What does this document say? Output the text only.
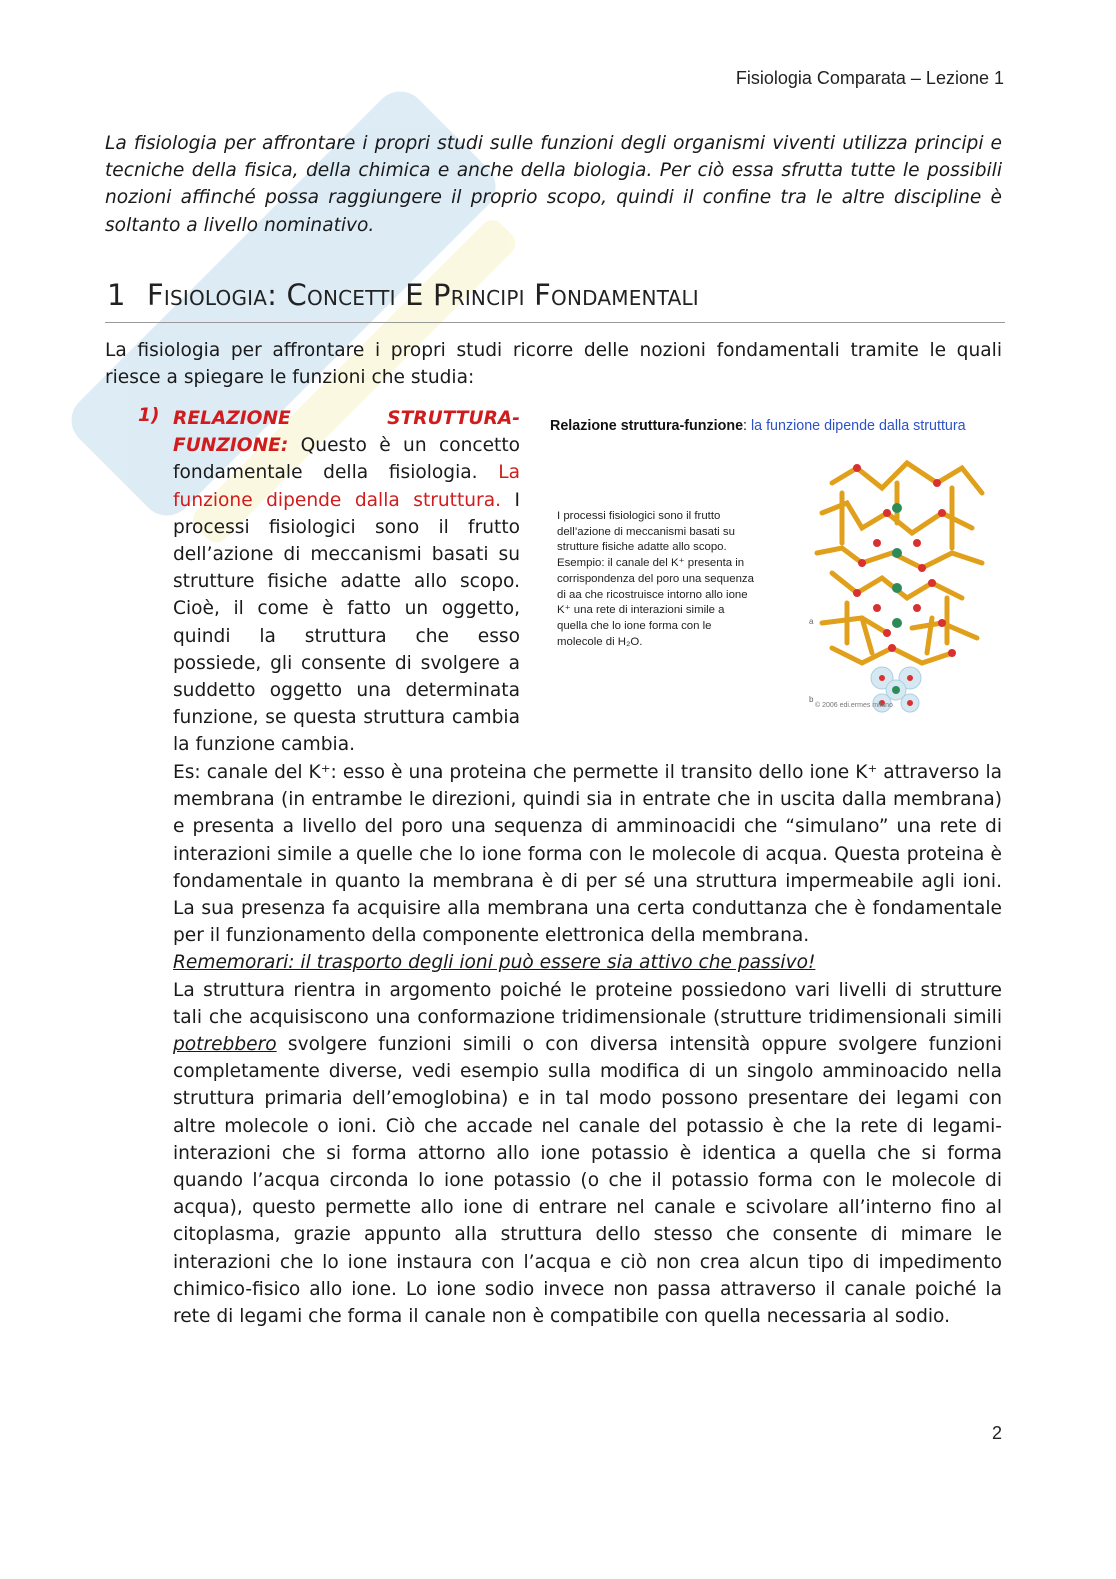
Fisiologia Comparata – Lezione 1
La fisiologia per affrontare i propri studi sulle funzioni degli organismi viventi utilizza principi e tecniche della fisica, della chimica e anche della biologia. Per ciò essa sfrutta tutte le possibili nozioni affinché possa raggiungere il proprio scopo, quindi il confine tra le altre discipline è soltanto a livello nominativo.
1 Fisiologia: Concetti E Principi Fondamentali
La fisiologia per affrontare i propri studi ricorre delle nozioni fondamentali tramite le quali riesce a spiegare le funzioni che studia:
1) RELAZIONE STRUTTURA-FUNZIONE: Questo è un concetto fondamentale della fisiologia. La funzione dipende dalla struttura. I processi fisiologici sono il frutto dell’azione di meccanismi basati su strutture fisiche adatte allo scopo. Cioè, il come è fatto un oggetto, quindi la struttura che esso possiede, gli consente di svolgere a suddetto oggetto una determinata funzione, se questa struttura cambia la funzione cambia.
Relazione struttura-funzione: la funzione dipende dalla struttura
I processi fisiologici sono il frutto dell’azione di meccanismi basati su strutture fisiche adatte allo scopo. Esempio: il canale del K⁺ presenta in corrispondenza del poro una sequenza di aa che ricostruisce intorno allo ione K⁺ una rete di interazioni simile a quella che lo ione forma con le molecole di H₂O.
a
b
© 2006 edi.ermes milano

Es: canale del K⁺: esso è una proteina che permette il transito dello ione K⁺ attraverso la membrana (in entrambe le direzioni, quindi sia in entrate che in uscita dalla membrana) e presenta a livello del poro una sequenza di amminoacidi che “simulano” una rete di interazioni simile a quelle che lo ione forma con le molecole di acqua. Questa proteina è fondamentale in quanto la membrana è di per sé una struttura impermeabile agli ioni. La sua presenza fa acquisire alla membrana una certa conduttanza che è fondamentale per il funzionamento della componente elettronica della membrana.

Rememorari: il trasporto degli ioni può essere sia attivo che passivo!

La struttura rientra in argomento poiché le proteine possiedono vari livelli di strutture tali che acquisiscono una conformazione tridimensionale (strutture tridimensionali simili potrebbero svolgere funzioni simili o con diversa intensità oppure svolgere funzioni completamente diverse, vedi esempio sulla modifica di un singolo amminoacido nella struttura primaria dell’emoglobina) e in tal modo possono presentare dei legami con altre molecole o ioni. Ciò che accade nel canale del potassio è che la rete di legami-interazioni che si forma attorno allo ione potassio è identica a quella che si forma quando l’acqua circonda lo ione potassio (o che il potassio forma con le molecole di acqua), questo permette allo ione di entrare nel canale e scivolare all’interno fino al citoplasma, grazie appunto alla struttura dello stesso che consente di mimare le interazioni che lo ione instaura con l’acqua e ciò non crea alcun tipo di impedimento chimico-fisico allo ione. Lo ione sodio invece non passa attraverso il canale poiché la rete di legami che forma il canale non è compatibile con quella necessaria al sodio.

2
